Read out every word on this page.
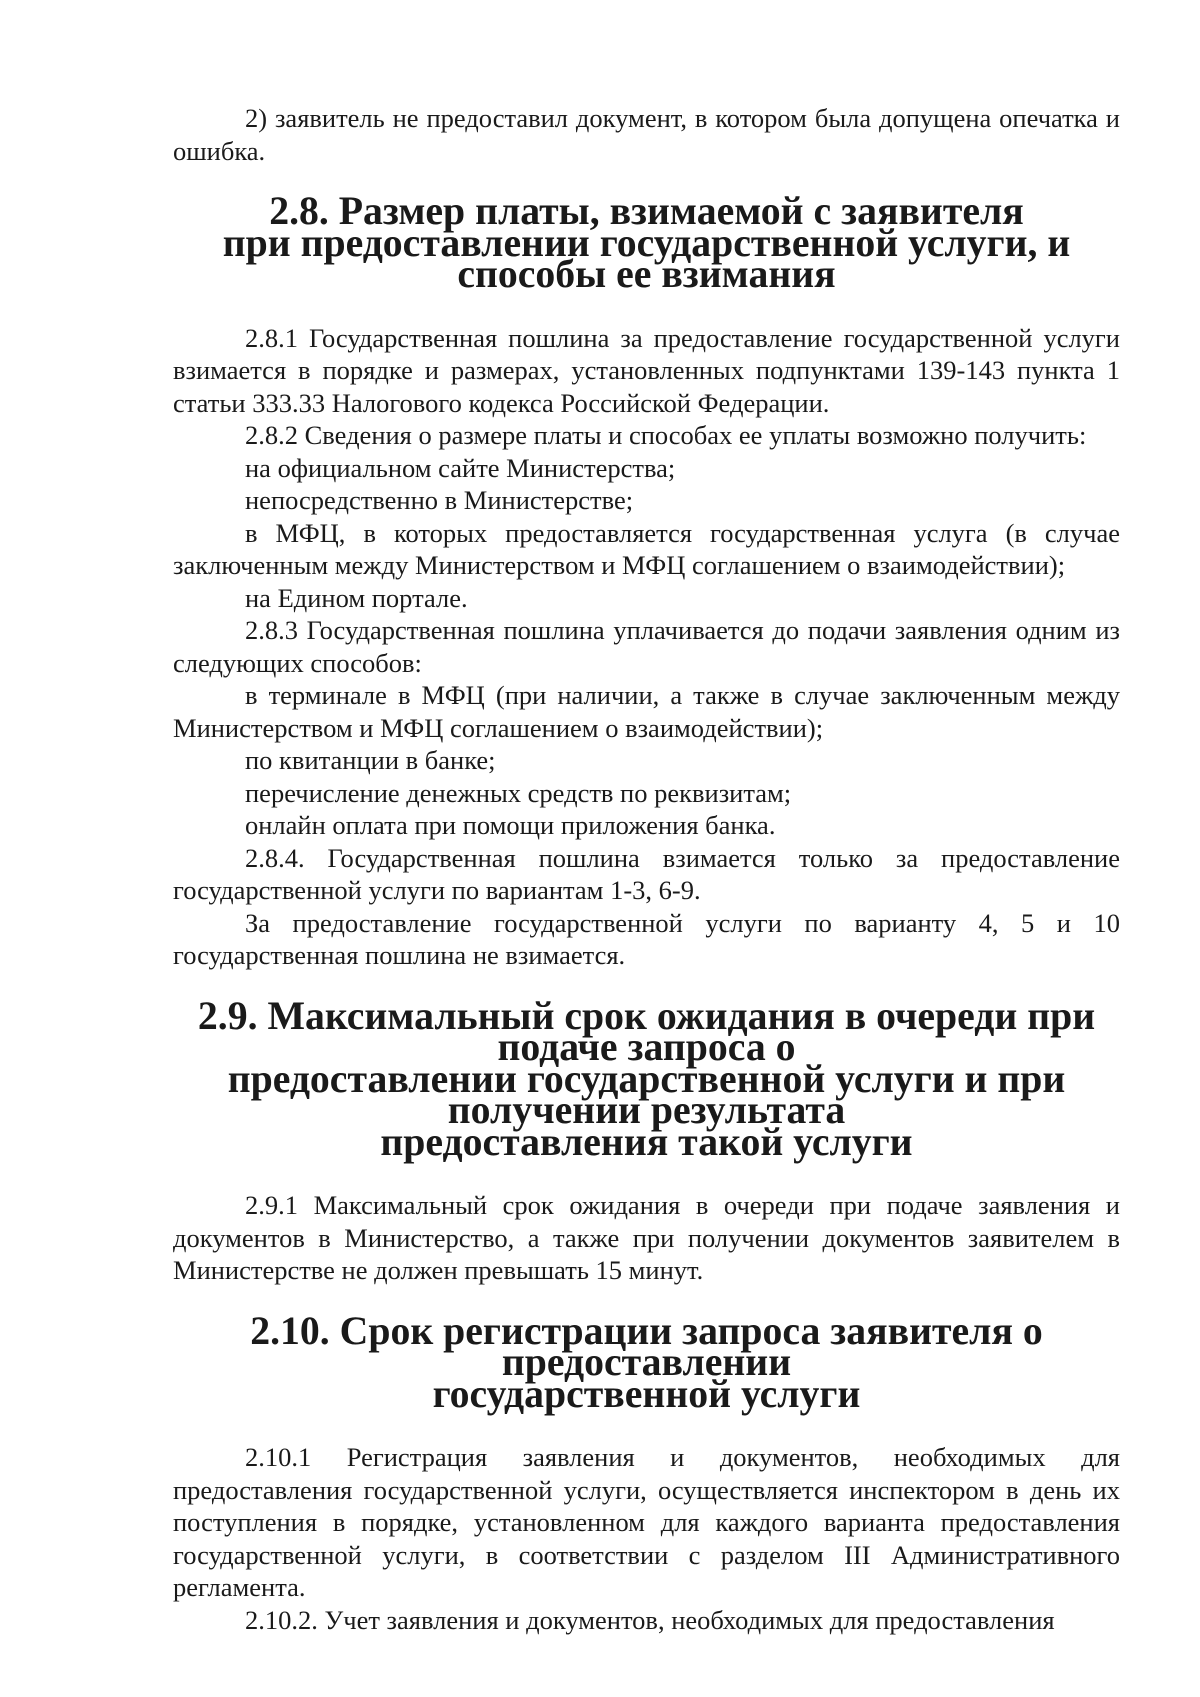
2) заявитель не предоставил документ, в котором была допущена опечатка и ошибка.

2.8. Размер платы, взимаемой с заявителя
при предоставлении государственной услуги, и способы ее взимания

2.8.1 Государственная пошлина за предоставление государственной услуги взимается в порядке и размерах, установленных подпунктами 139-143 пункта 1 статьи 333.33 Налогового кодекса Российской Федерации.

2.8.2 Сведения о размере платы и способах ее уплаты возможно получить:

на официальном сайте Министерства;

непосредственно в Министерстве;

в МФЦ, в которых предоставляется государственная услуга (в случае заключенным между Министерством и МФЦ соглашением о взаимодействии);

на Едином портале.

2.8.3 Государственная пошлина уплачивается до подачи заявления одним из следующих способов:

в терминале в МФЦ (при наличии, а также в случае заключенным между Министерством и МФЦ соглашением о взаимодействии);

по квитанции в банке;

перечисление денежных средств по реквизитам;

онлайн оплата при помощи приложения банка.

2.8.4. Государственная пошлина взимается только за предоставление государственной услуги по вариантам 1-3, 6-9.

За предоставление государственной услуги по варианту 4, 5 и 10 государственная пошлина не взимается.

2.9. Максимальный срок ожидания в очереди при подаче запроса о
предоставлении государственной услуги и при получении результата
предоставления такой услуги

2.9.1 Максимальный срок ожидания в очереди при подаче заявления и документов в Министерство, а также при получении документов заявителем в Министерстве не должен превышать 15 минут.

2.10. Срок регистрации запроса заявителя о предоставлении
государственной услуги

2.10.1 Регистрация заявления и документов, необходимых для предоставления государственной услуги, осуществляется инспектором в день их поступления в порядке, установленном для каждого варианта предоставления государственной услуги, в соответствии с разделом III Административного регламента.

2.10.2. Учет заявления и документов, необходимых для предоставления
